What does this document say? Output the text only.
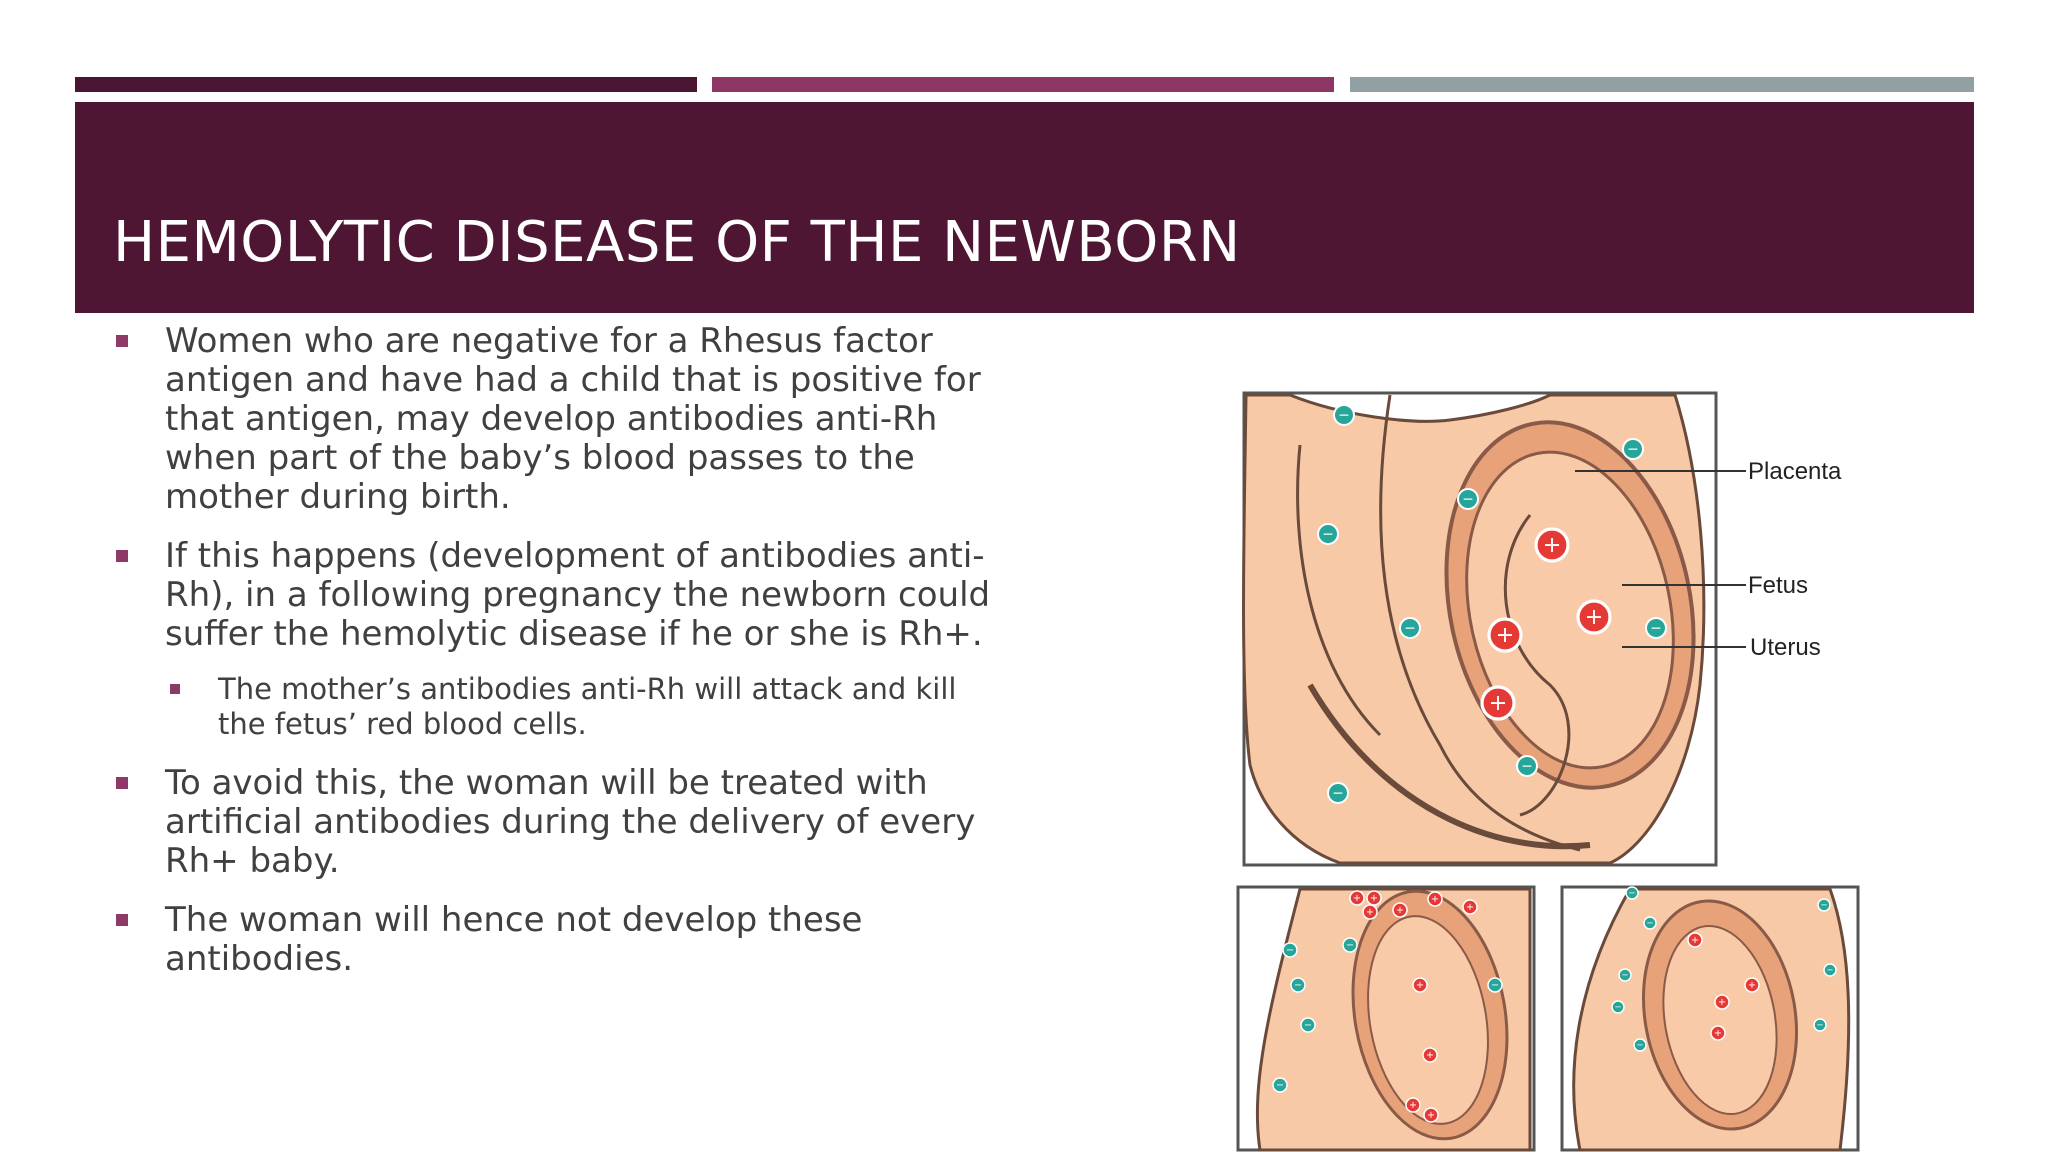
HEMOLYTIC DISEASE OF THE NEWBORN
Women who are negative for a Rhesus factor antigen and have had a child that is positive for that antigen, may develop antibodies anti-Rh when part of the baby’s blood passes to the mother during birth.
If this happens (development of antibodies anti-Rh), in a following pregnancy the newborn could suffer the hemolytic disease if he or she is Rh+.
The mother’s antibodies anti-Rh will attack and kill the fetus’ red blood cells.
To avoid this, the woman will be treated with artificial antibodies during the delivery of every Rh+ baby.
The woman will hence not develop these antibodies.
Placenta
Fetus
Uterus
+
+
+
+
−
−
−
−
−	−
−
−
+ +
+ +
+
+
−
−
−
−
−
−
+
+
+
+
+
+
+
+
−
−
−
−
−
−
−
−
